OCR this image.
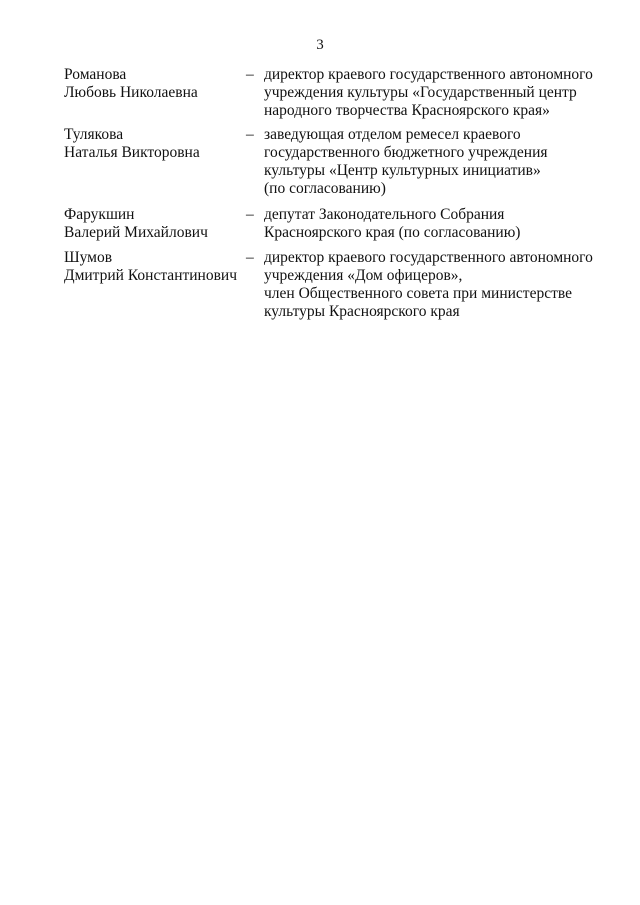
3
Романова
Любовь Николаевна
– директор краевого государственного автономного
учреждения культуры «Государственный центр
народного творчества Красноярского края»
Тулякова
Наталья Викторовна
– заведующая отделом ремесел краевого
государственного бюджетного учреждения
культуры «Центр культурных инициатив»
(по согласованию)
Фарукшин
Валерий Михайлович
– депутат Законодательного Собрания
Красноярского края (по согласованию)
Шумов
Дмитрий Константинович
– директор краевого государственного автономного
учреждения «Дом офицеров»,
член Общественного совета при министерстве
культуры Красноярского края
